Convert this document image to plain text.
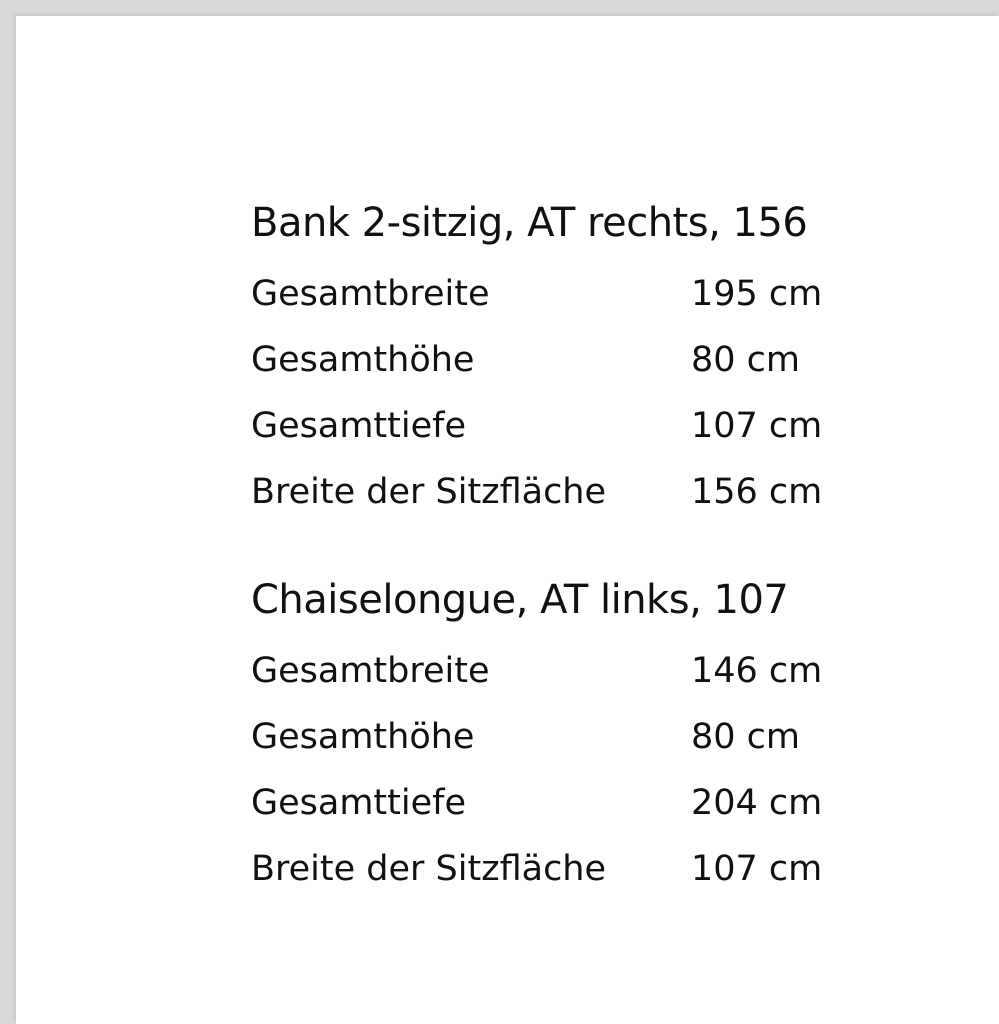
Bank 2-sitzig, AT rechts, 156
Gesamtbreite	195 cm
Gesamthöhe	80 cm
Gesamttiefe	107 cm
Breite der Sitzfläche	156 cm
Chaiselongue, AT links, 107
Gesamtbreite	146 cm
Gesamthöhe	80 cm
Gesamttiefe	204 cm
Breite der Sitzfläche	107 cm
